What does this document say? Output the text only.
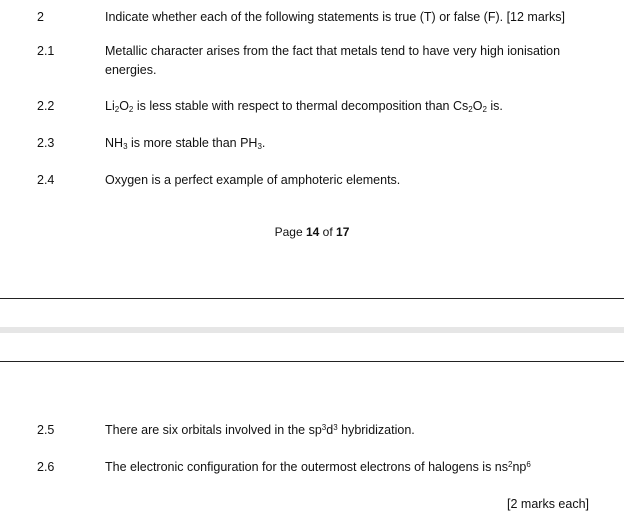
2	Indicate whether each of the following statements is true (T) or false (F). [12 marks]
2.1	Metallic character arises from the fact that metals tend to have very high ionisation energies.
2.2	$Li_2O_2$ is less stable with respect to thermal decomposition than $Cs_2O_2$ is.
2.3	$NH_3$ is more stable than $PH_3$.
2.4	Oxygen is a perfect example of amphoteric elements.
Page 14 of 17
2.5	There are six orbitals involved in the $sp^3d^3$ hybridization.
2.6	The electronic configuration for the outermost electrons of halogens is $ns^2np^6$
[2 marks each]
